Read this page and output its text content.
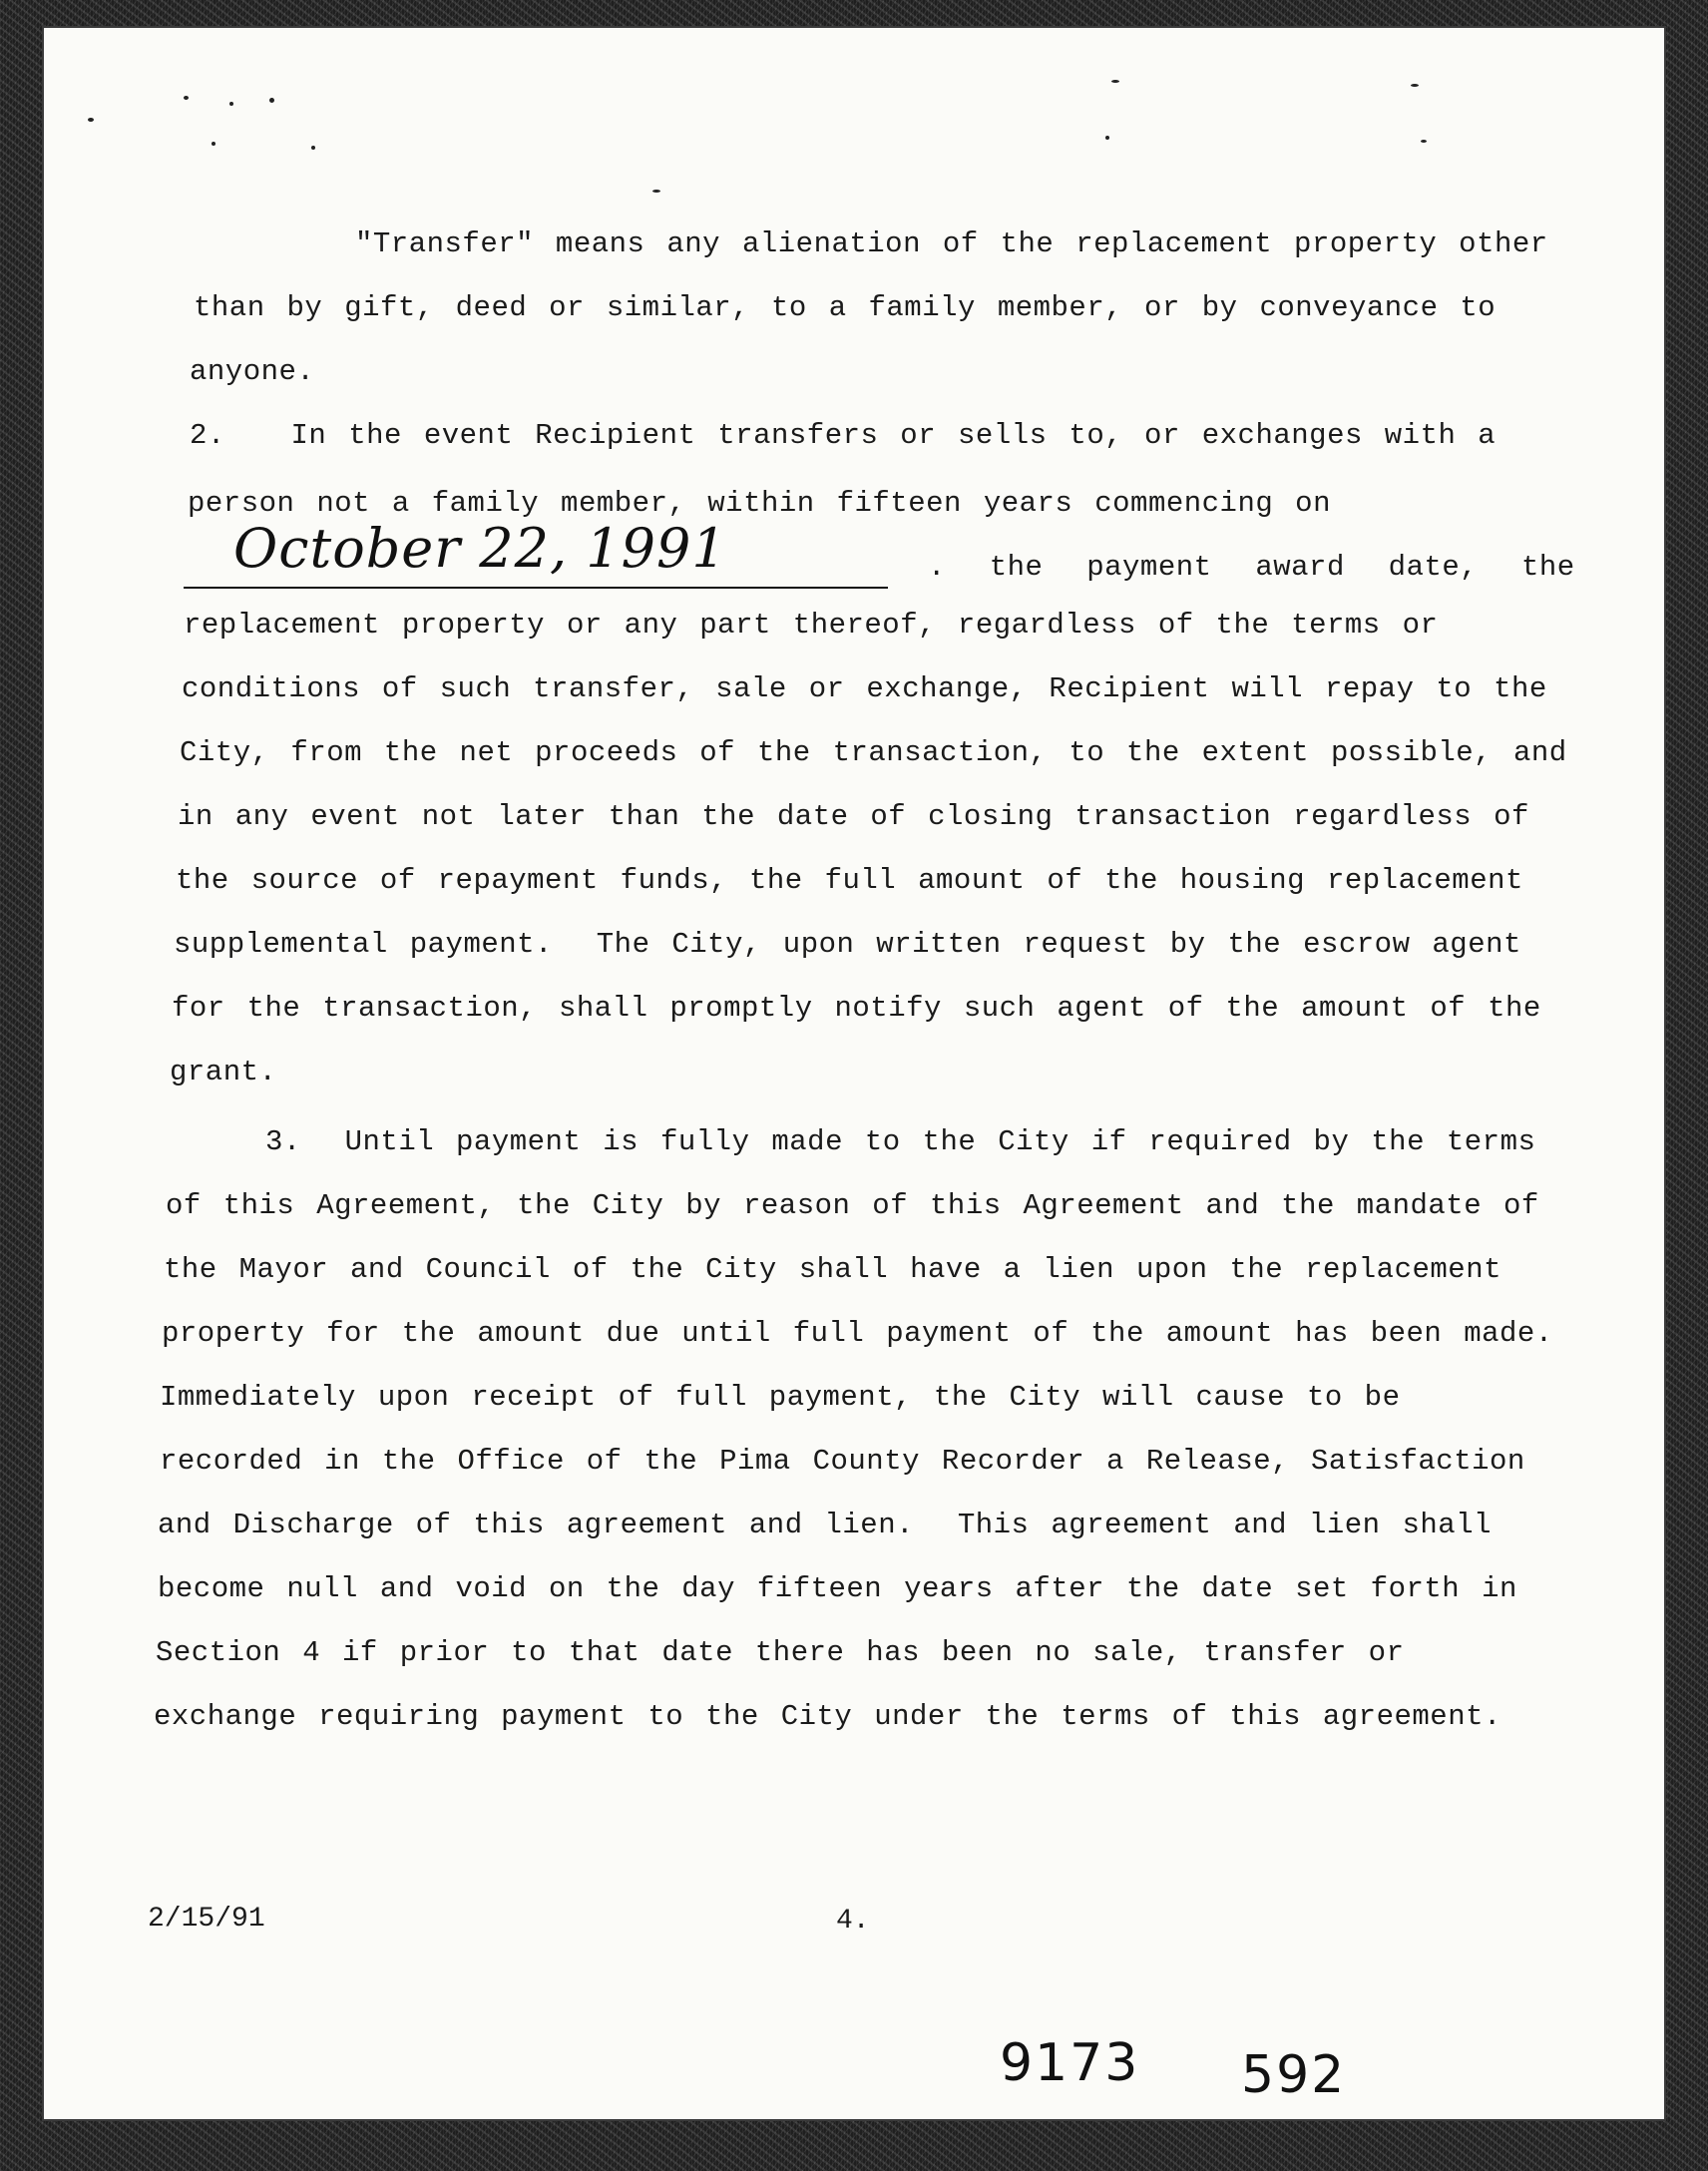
"Transfer" means any alienation of the replacement property other
than by gift, deed or similar, to a family member, or by conveyance to
anyone.
2.   In the event Recipient transfers or sells to, or exchanges with a
person not a family member, within fifteen years commencing on
October 22, 1991	.  the  payment  award  date,  the
replacement property or any part thereof, regardless of the terms or
conditions of such transfer, sale or exchange, Recipient will repay to the
City, from the net proceeds of the transaction, to the extent possible, and
in any event not later than the date of closing transaction regardless of
the source of repayment funds, the full amount of the housing replacement
supplemental payment.  The City, upon written request by the escrow agent
for the transaction, shall promptly notify such agent of the amount of the
grant.
3.  Until payment is fully made to the City if required by the terms
of this Agreement, the City by reason of this Agreement and the mandate of
the Mayor and Council of the City shall have a lien upon the replacement
property for the amount due until full payment of the amount has been made.
Immediately upon receipt of full payment, the City will cause to be
recorded in the Office of the Pima County Recorder a Release, Satisfaction
and Discharge of this agreement and lien.  This agreement and lien shall
become null and void on the day fifteen years after the date set forth in
Section 4 if prior to that date there has been no sale, transfer or
exchange requiring payment to the City under the terms of this agreement.
2/15/91	4.
9173 592
